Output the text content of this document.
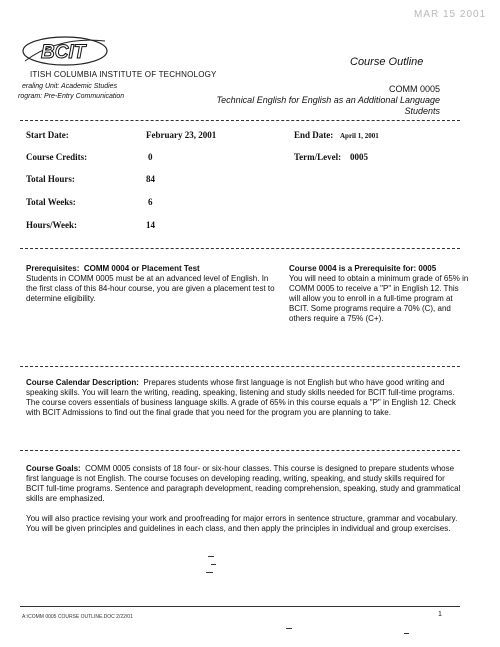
MAR 15 2001
BCIT
ITISH COLUMBIA INSTITUTE OF TECHNOLOGY
eraling Unit: Academic Studies
rogram: Pre-Entry Communication
Course Outline
COMM 0005
Technical English for English as an Additional Language Students
Start Date:	February 23, 2001	End Date: April 1, 2001
Course Credits:	0	Term/Level: 0005
Total Hours:	84
Total Weeks:	6
Hours/Week:	14
Prerequisites: COMM 0004 or Placement Test
Students in COMM 0005 must be at an advanced level of English. In the first class of this 84-hour course, you are given a placement test to determine eligibility.
Course 0004 is a Prerequisite for: 0005
You will need to obtain a minimum grade of 65% in COMM 0005 to receive a "P" in English 12. This will allow you to enroll in a full-time program at BCIT. Some programs require a 70% (C), and others require a 75% (C+).
Course Calendar Description: Prepares students whose first language is not English but who have good writing and speaking skills. You will learn the writing, reading, speaking, listening and study skills needed for BCIT full-time programs.
The course covers essentials of business language skills. A grade of 65% in this course equals a "P" in English 12. Check with BCIT Admissions to find out the final grade that you need for the program you are planning to take.
Course Goals: COMM 0005 consists of 18 four- or six-hour classes. This course is designed to prepare students whose first language is not English. The course focuses on developing reading, writing, speaking, and study skills required for BCIT full-time programs. Sentence and paragraph development, reading comprehension, speaking, study and grammatical skills are emphasized.
You will also practice revising your work and proofreading for major errors in sentence structure, grammar and vocabulary. You will be given principles and guidelines in each class, and then apply the principles in individual and group exercises.
A:\COMM 0005 COURSE OUTLINE.DOC 2/22/01	1
